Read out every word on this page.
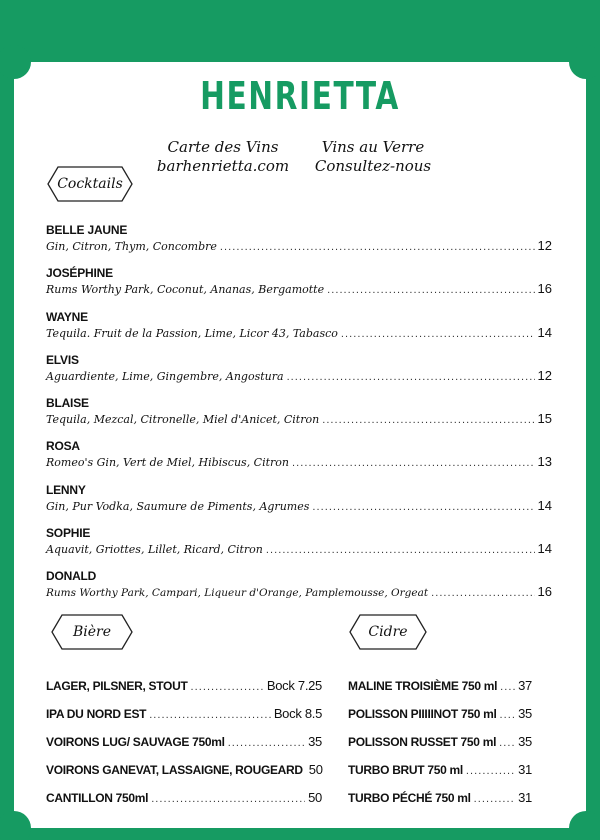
HENRIETTA
Carte des Vins
barhenrietta.com
Vins au Verre
Consultez-nous
Cocktails
BELLE JAUNE
Gin, Citron, Thym, Concombre . . .	12
JOSÉPHINE
Rums Worthy Park, Coconut, Ananas, Bergamotte . . .	16
WAYNE
Tequila. Fruit de la Passion, Lime, Licor 43, Tabasco . . .	14
ELVIS
Aguardiente, Lime, Gingembre, Angostura . . .	12
BLAISE
Tequila, Mezcal, Citronelle, Miel d'Anicet, Citron . . .	15
ROSA
Romeo's Gin, Vert de Miel, Hibiscus, Citron . . .	13
LENNY
Gin, Pur Vodka, Saumure de Piments, Agrumes . . .	14
SOPHIE
Aquavit, Griottes, Lillet, Ricard, Citron . . .	14
DONALD
Rums Worthy Park, Campari, Liqueur d'Orange, Pamplemousse, Orgeat . . .	16
Bière	Cidre
LAGER, PILSNER, STOUT . . .	Bock 7.25
IPA DU NORD EST . . .	Bock 8.5
VOIRONS LUG/ SAUVAGE 750ml . . .	35
VOIRONS GANEVAT, LASSAIGNE, ROUGEARD 50
CANTILLON 750ml . . .	50
MALINE TROISIÈME 750 ml . . . 37
POLISSON PIIIIINOT 750 ml . . . 35
POLISSON RUSSET 750 ml . . . 35
TURBO BRUT 750 ml . . .	31
TURBO PÉCHÉ 750 ml . . .	31
